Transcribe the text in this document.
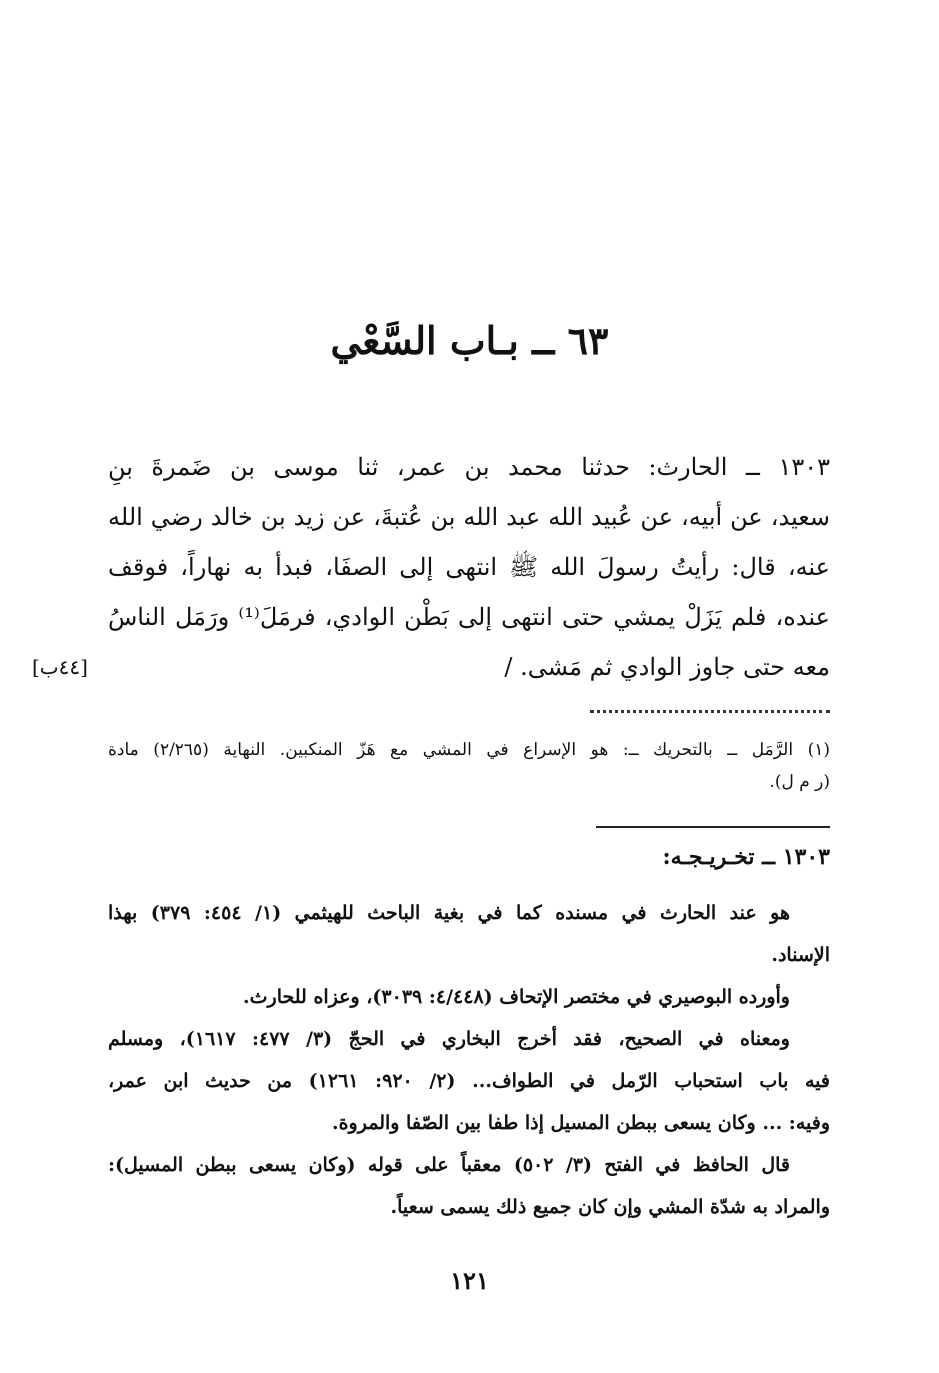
٦٣ ــ بـاب السَّعْي

١٣٠٣ ــ الحارث: حدثنا محمد بن عمر، ثنا موسى بن ضَمرةَ بنِ
سعيد، عن أبيه، عن عُبيد الله عبد الله بن عُتبةَ، عن زيد بن خالد رضي الله
عنه، قال: رأيتُ رسولَ الله ﷺ انتهى إلى الصفَا، فبدأ به نهاراً، فوقف
عنده، فلم يَزَلْ يمشي حتى انتهى إلى بَطْن الوادي، فرمَلَ⁽¹⁾ ورَمَل الناسُ
معه حتى جاوز الوادي ثم مَشى. /

[٤٤ب]

(١) الرَّمَل ــ بالتحريك ــ: هو الإسراع في المشي مع هَزّ المنكبين. النهاية (٢/٢٦٥) مادة
(ر م ل).

١٣٠٣ ــ تخـريـجـه:

هو عند الحارث في مسنده كما في بغية الباحث للهيثمي (١/ ٤٥٤: ٣٧٩) بهذا
الإسناد.

وأورده البوصيري في مختصر الإتحاف (٤/٤٤٨: ٣٠٣٩)، وعزاه للحارث.

ومعناه في الصحيح، فقد أخرج البخاري في الحجّ (٣/ ٤٧٧: ١٦١٧)، ومسلم
فيه باب استحباب الرّمل في الطواف... (٢/ ٩٢٠: ١٢٦١) من حديث ابن عمر،
وفيه: ... وكان يسعى ببطن المسيل إذا طفا بين الصّفا والمروة.

قال الحافظ في الفتح (٣/ ٥٠٢) معقباً على قوله (وكان يسعى ببطن المسيل):
والمراد به شدّة المشي وإن كان جميع ذلك يسمى سعياً.

١٢١
